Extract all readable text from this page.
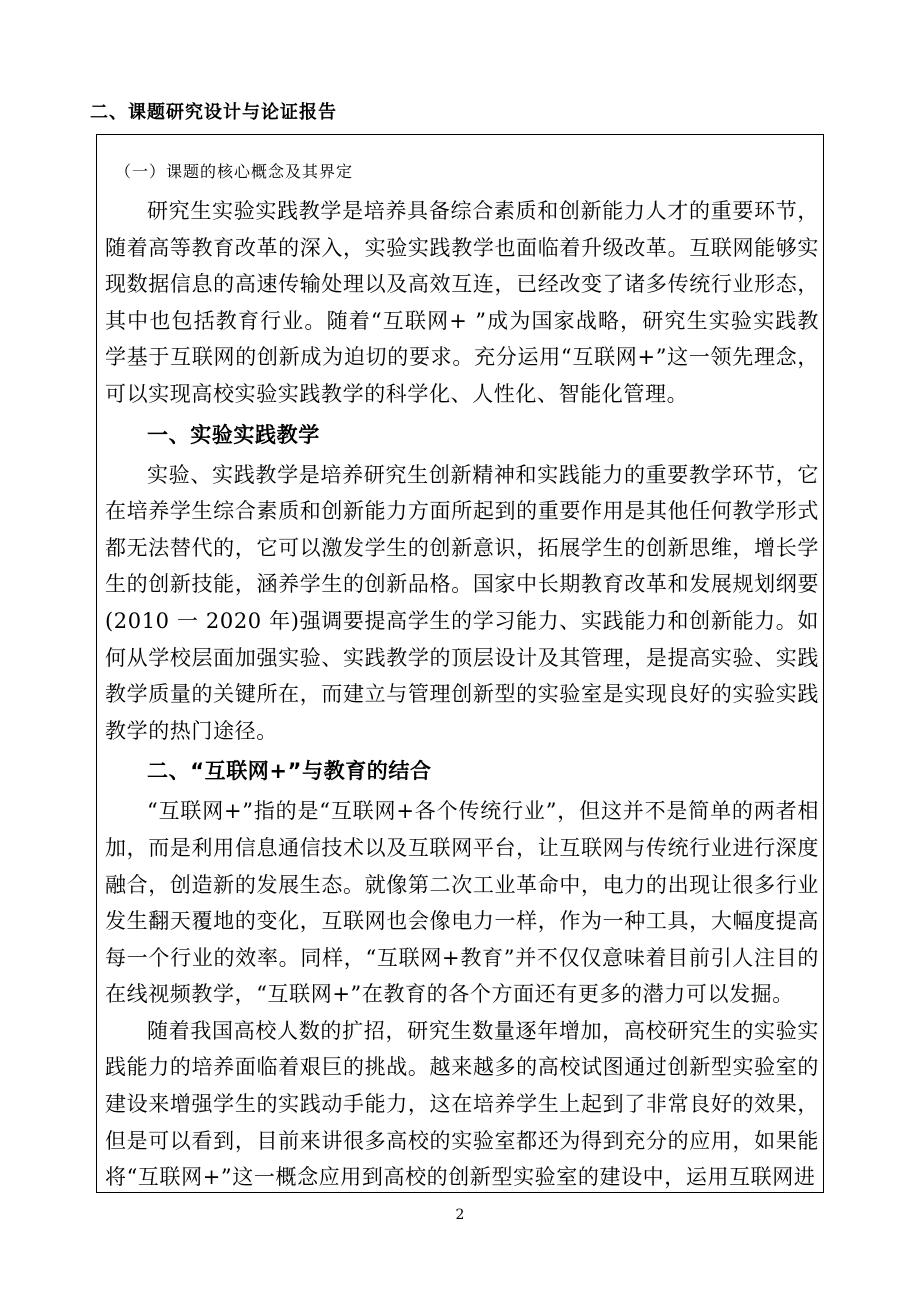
二、课题研究设计与论证报告
（一）课题的核心概念及其界定

研究生实验实践教学是培养具备综合素质和创新能力人才的重要环节，随着高等教育改革的深入，实验实践教学也面临着升级改革。互联网能够实现数据信息的高速传输处理以及高效互连，已经改变了诸多传统行业形态，其中也包括教育行业。随着“互联网+ ”成为国家战略，研究生实验实践教学基于互联网的创新成为迫切的要求。充分运用“互联网+”这一领先理念，可以实现高校实验实践教学的科学化、人性化、智能化管理。

一、实验实践教学

实验、实践教学是培养研究生创新精神和实践能力的重要教学环节，它在培养学生综合素质和创新能力方面所起到的重要作用是其他任何教学形式都无法替代的，它可以激发学生的创新意识，拓展学生的创新思维，增长学生的创新技能，涵养学生的创新品格。国家中长期教育改革和发展规划纲要(2010 一 2020 年)强调要提高学生的学习能力、实践能力和创新能力。如何从学校层面加强实验、实践教学的顶层设计及其管理，是提高实验、实践教学质量的关键所在，而建立与管理创新型的实验室是实现良好的实验实践教学的热门途径。

二、“互联网+”与教育的结合

“互联网+”指的是“互联网+各个传统行业”，但这并不是简单的两者相加，而是利用信息通信技术以及互联网平台，让互联网与传统行业进行深度融合，创造新的发展生态。就像第二次工业革命中，电力的出现让很多行业发生翻天覆地的变化，互联网也会像电力一样，作为一种工具，大幅度提高每一个行业的效率。同样，“互联网+教育”并不仅仅意味着目前引人注目的在线视频教学，“互联网+”在教育的各个方面还有更多的潜力可以发掘。

随着我国高校人数的扩招，研究生数量逐年增加，高校研究生的实验实践能力的培养面临着艰巨的挑战。越来越多的高校试图通过创新型实验室的建设来增强学生的实践动手能力，这在培养学生上起到了非常良好的效果，但是可以看到，目前来讲很多高校的实验室都还为得到充分的应用，如果能将“互联网+”这一概念应用到高校的创新型实验室的建设中，运用互联网进

2
